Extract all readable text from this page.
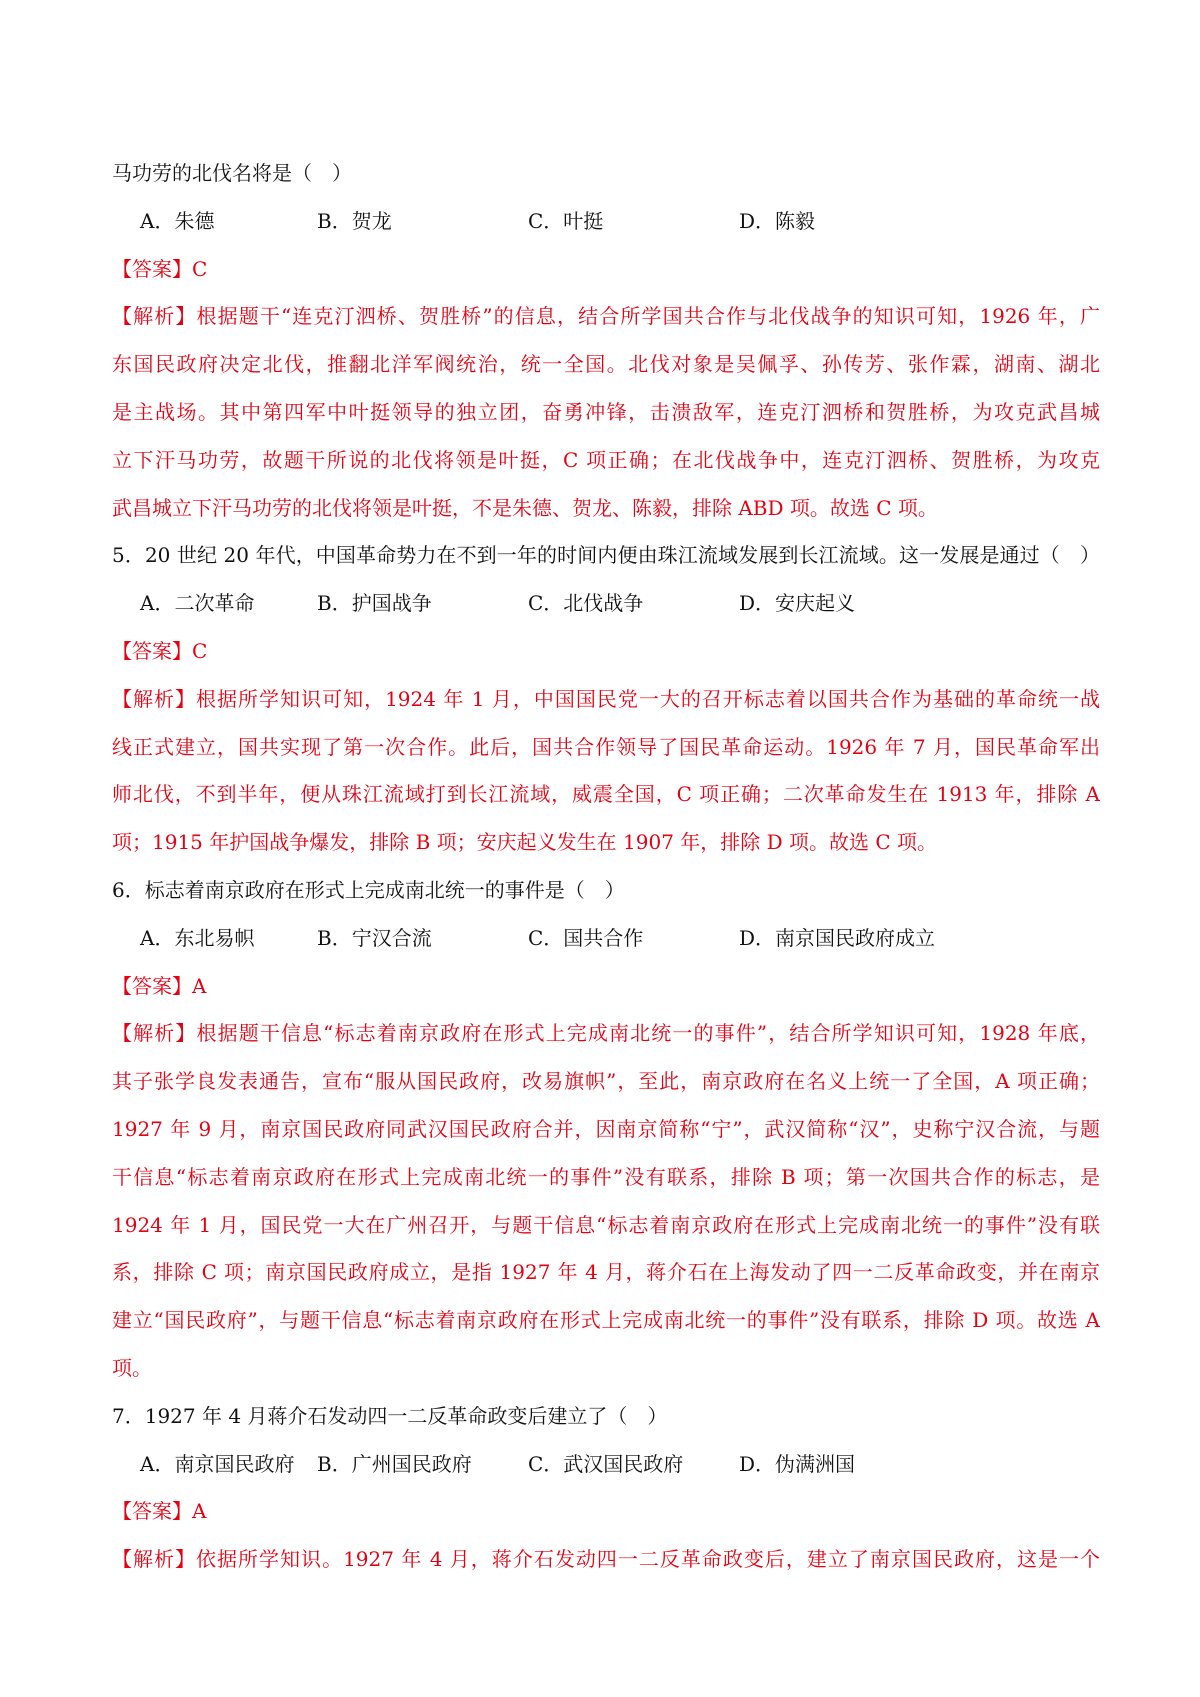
马功劳的北伐名将是（　）
A．朱德	B．贺龙	C．叶挺	D．陈毅
【答案】C
【解析】根据题干“连克汀泗桥、贺胜桥”的信息，结合所学国共合作与北伐战争的知识可知，1926 年，广
东国民政府决定北伐，推翻北洋军阀统治，统一全国。北伐对象是吴佩孚、孙传芳、张作霖，湖南、湖北
是主战场。其中第四军中叶挺领导的独立团，奋勇冲锋，击溃敌军，连克汀泗桥和贺胜桥，为攻克武昌城
立下汗马功劳，故题干所说的北伐将领是叶挺，C 项正确；在北伐战争中，连克汀泗桥、贺胜桥，为攻克
武昌城立下汗马功劳的北伐将领是叶挺，不是朱德、贺龙、陈毅，排除 ABD 项。故选 C 项。
5．20 世纪 20 年代，中国革命势力在不到一年的时间内便由珠江流域发展到长江流域。这一发展是通过（　）
A．二次革命	B．护国战争	C．北伐战争	D．安庆起义
【答案】C
【解析】根据所学知识可知，1924 年 1 月，中国国民党一大的召开标志着以国共合作为基础的革命统一战
线正式建立，国共实现了第一次合作。此后，国共合作领导了国民革命运动。1926 年 7 月，国民革命军出
师北伐，不到半年，便从珠江流域打到长江流域，威震全国，C 项正确；二次革命发生在 1913 年，排除 A
项；1915 年护国战争爆发，排除 B 项；安庆起义发生在 1907 年，排除 D 项。故选 C 项。
6．标志着南京政府在形式上完成南北统一的事件是（　）
A．东北易帜	B．宁汉合流	C．国共合作	D．南京国民政府成立
【答案】A
【解析】根据题干信息“标志着南京政府在形式上完成南北统一的事件”，结合所学知识可知，1928 年底，
其子张学良发表通告，宣布“服从国民政府，改易旗帜”，至此，南京政府在名义上统一了全国，A 项正确；
1927 年 9 月，南京国民政府同武汉国民政府合并，因南京简称“宁”，武汉简称“汉”，史称宁汉合流，与题
干信息“标志着南京政府在形式上完成南北统一的事件”没有联系，排除 B 项；第一次国共合作的标志，是
1924 年 1 月，国民党一大在广州召开，与题干信息“标志着南京政府在形式上完成南北统一的事件”没有联
系，排除 C 项；南京国民政府成立，是指 1927 年 4 月，蒋介石在上海发动了四一二反革命政变，并在南京
建立“国民政府”，与题干信息“标志着南京政府在形式上完成南北统一的事件”没有联系，排除 D 项。故选 A
项。
7．1927 年 4 月蒋介石发动四一二反革命政变后建立了（　）
A．南京国民政府 B．广州国民政府	C．武汉国民政府	D．伪满洲国
【答案】A
【解析】依据所学知识。1927 年 4 月，蒋介石发动四一二反革命政变后，建立了南京国民政府，这是一个
